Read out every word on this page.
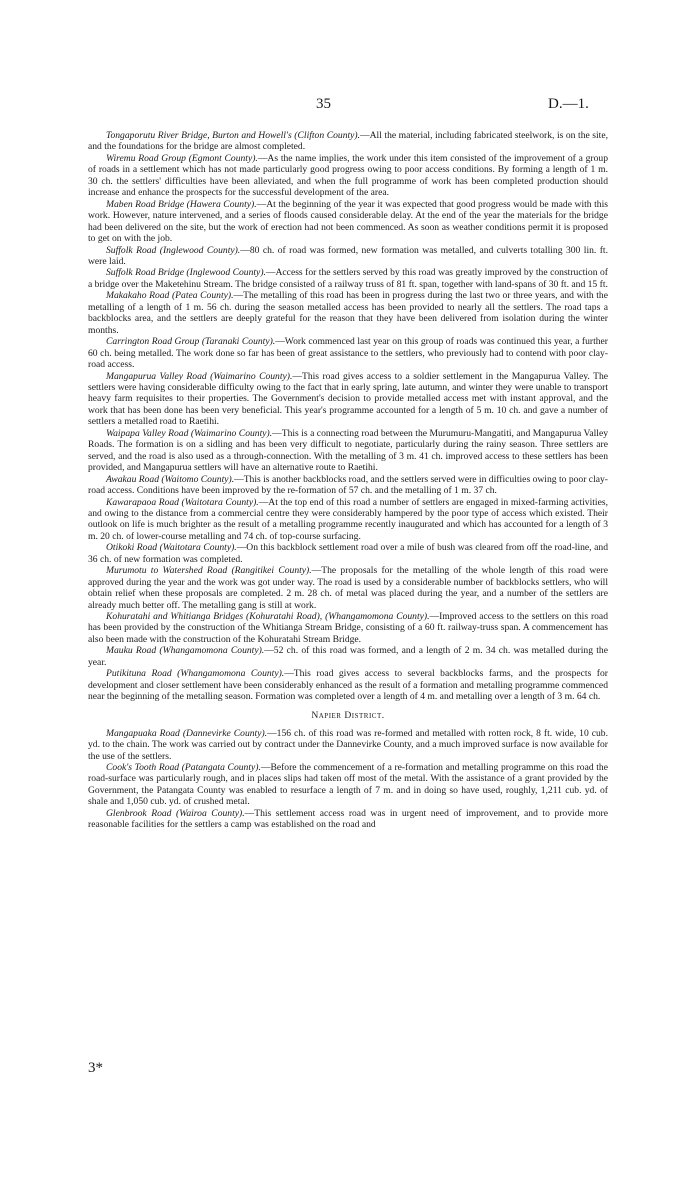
35	D.—1.

Tongaporutu River Bridge, Burton and Howell's (Clifton County).—All the material, including fabricated steelwork, is on the site, and the foundations for the bridge are almost completed.

Wiremu Road Group (Egmont County).—As the name implies, the work under this item consisted of the improvement of a group of roads in a settlement which has not made particularly good progress owing to poor access conditions. By forming a length of 1 m. 30 ch. the settlers' difficulties have been alleviated, and when the full programme of work has been completed production should increase and enhance the prospects for the successful development of the area.

Maben Road Bridge (Hawera County).—At the beginning of the year it was expected that good progress would be made with this work. However, nature intervened, and a series of floods caused considerable delay. At the end of the year the materials for the bridge had been delivered on the site, but the work of erection had not been commenced. As soon as weather conditions permit it is proposed to get on with the job.

Suffolk Road (Inglewood County).—80 ch. of road was formed, new formation was metalled, and culverts totalling 300 lin. ft. were laid.

Suffolk Road Bridge (Inglewood County).—Access for the settlers served by this road was greatly improved by the construction of a bridge over the Maketehinu Stream. The bridge consisted of a railway truss of 81 ft. span, together with land-spans of 30 ft. and 15 ft.

Makakaho Road (Patea County).—The metalling of this road has been in progress during the last two or three years, and with the metalling of a length of 1 m. 56 ch. during the season metalled access has been provided to nearly all the settlers. The road taps a backblocks area, and the settlers are deeply grateful for the reason that they have been delivered from isolation during the winter months.

Carrington Road Group (Taranaki County).—Work commenced last year on this group of roads was continued this year, a further 60 ch. being metalled. The work done so far has been of great assistance to the settlers, who previously had to contend with poor clay-road access.

Mangapurua Valley Road (Waimarino County).—This road gives access to a soldier settlement in the Mangapurua Valley. The settlers were having considerable difficulty owing to the fact that in early spring, late autumn, and winter they were unable to transport heavy farm requisites to their properties. The Government's decision to provide metalled access met with instant approval, and the work that has been done has been very beneficial. This year's programme accounted for a length of 5 m. 10 ch. and gave a number of settlers a metalled road to Raetihi.

Waipapa Valley Road (Waimarino County).—This is a connecting road between the Murumuru-Mangatiti, and Mangapurua Valley Roads. The formation is on a sidling and has been very difficult to negotiate, particularly during the rainy season. Three settlers are served, and the road is also used as a through-connection. With the metalling of 3 m. 41 ch. improved access to these settlers has been provided, and Mangapurua settlers will have an alternative route to Raetihi.

Awakau Road (Waitomo County).—This is another backblocks road, and the settlers served were in difficulties owing to poor clay-road access. Conditions have been improved by the re-formation of 57 ch. and the metalling of 1 m. 37 ch.

Kawarapaoa Road (Waitotara County).—At the top end of this road a number of settlers are engaged in mixed-farming activities, and owing to the distance from a commercial centre they were considerably hampered by the poor type of access which existed. Their outlook on life is much brighter as the result of a metalling programme recently inaugurated and which has accounted for a length of 3 m. 20 ch. of lower-course metalling and 74 ch. of top-course surfacing.

Otikoki Road (Waitotara County).—On this backblock settlement road over a mile of bush was cleared from off the road-line, and 36 ch. of new formation was completed.

Murumotu to Watershed Road (Rangitikei County).—The proposals for the metalling of the whole length of this road were approved during the year and the work was got under way. The road is used by a considerable number of backblocks settlers, who will obtain relief when these proposals are completed. 2 m. 28 ch. of metal was placed during the year, and a number of the settlers are already much better off. The metalling gang is still at work.

Kohuratahi and Whitianga Bridges (Kohuratahi Road), (Whangamomona County).—Improved access to the settlers on this road has been provided by the construction of the Whitianga Stream Bridge, consisting of a 60 ft. railway-truss span. A commencement has also been made with the construction of the Kohuratahi Stream Bridge.

Mauku Road (Whangamomona County).—52 ch. of this road was formed, and a length of 2 m. 34 ch. was metalled during the year.

Putikituna Road (Whangamomona County).—This road gives access to several backblocks farms, and the prospects for development and closer settlement have been considerably enhanced as the result of a formation and metalling programme commenced near the beginning of the metalling season. Formation was completed over a length of 4 m. and metalling over a length of 3 m. 64 ch.

Napier District.

Mangapuaka Road (Dannevirke County).—156 ch. of this road was re-formed and metalled with rotten rock, 8 ft. wide, 10 cub. yd. to the chain. The work was carried out by contract under the Dannevirke County, and a much improved surface is now available for the use of the settlers.

Cook's Tooth Road (Patangata County).—Before the commencement of a re-formation and metalling programme on this road the road-surface was particularly rough, and in places slips had taken off most of the metal. With the assistance of a grant provided by the Government, the Patangata County was enabled to resurface a length of 7 m. and in doing so have used, roughly, 1,211 cub. yd. of shale and 1,050 cub. yd. of crushed metal.

Glenbrook Road (Wairoa County).—This settlement access road was in urgent need of improvement, and to provide more reasonable facilities for the settlers a camp was established on the road and

3*
